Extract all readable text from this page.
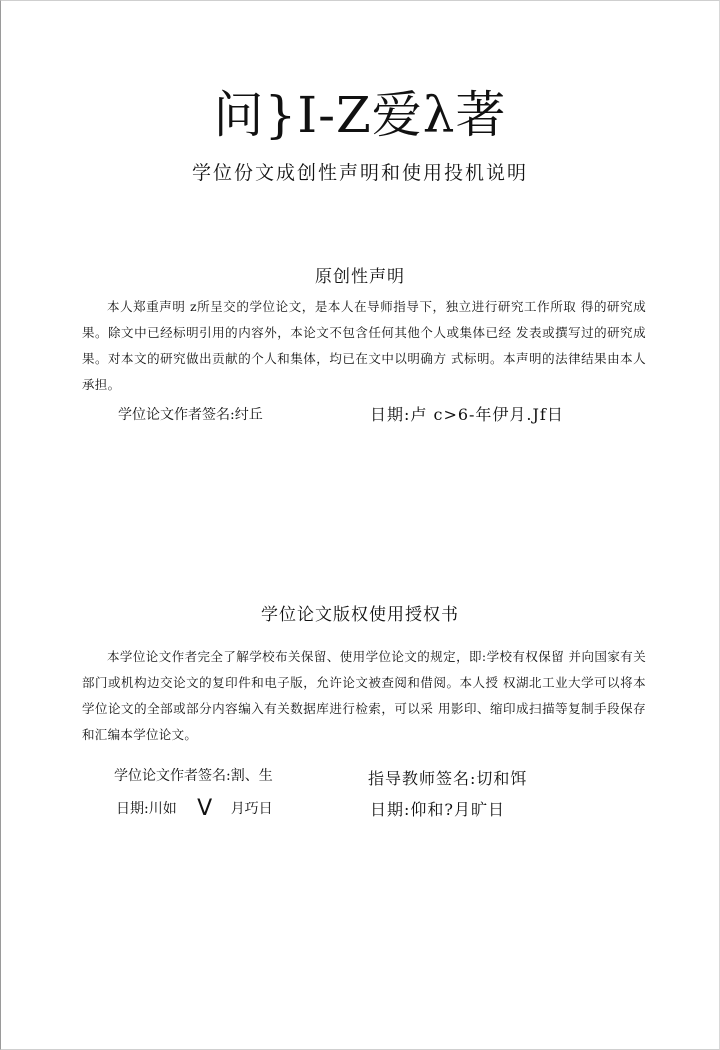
问}I-Z爱λ著
学位份文成创性声明和使用投机说明
原创性声明
本人郑重声明 z所呈交的学位论文，是本人在导师指导下，独立进行研究工作所取 得的研究成果。除文中已经标明引用的内容外，本论文不包含任何其他个人或集体已经 发表或撰写过的研究成果。对本文的研究做出贡献的个人和集体，均已在文中以明确方 式标明。本声明的法律结果由本人承担。
学位论文作者签名:纣丘	日期:卢 c>6-年伊月.Jf日
学位论文版权使用授权书
本学位论文作者完全了解学校布关保留、使用学位论文的规定，即:学校有权保留 并向国家有关部门或机构边交论文的复印件和电子版，允许论文被查阅和借阅。本人授 权湖北工业大学可以将本学位论文的全部或部分内容编入有关数据库进行检索，可以采 用影印、缩印成扫描等复制手段保存和汇编本学位论文。
学位论文作者签名:割、生	指导教师签名:切和饵
日期:川如 V 月巧日	日期:仰和?月旷日
